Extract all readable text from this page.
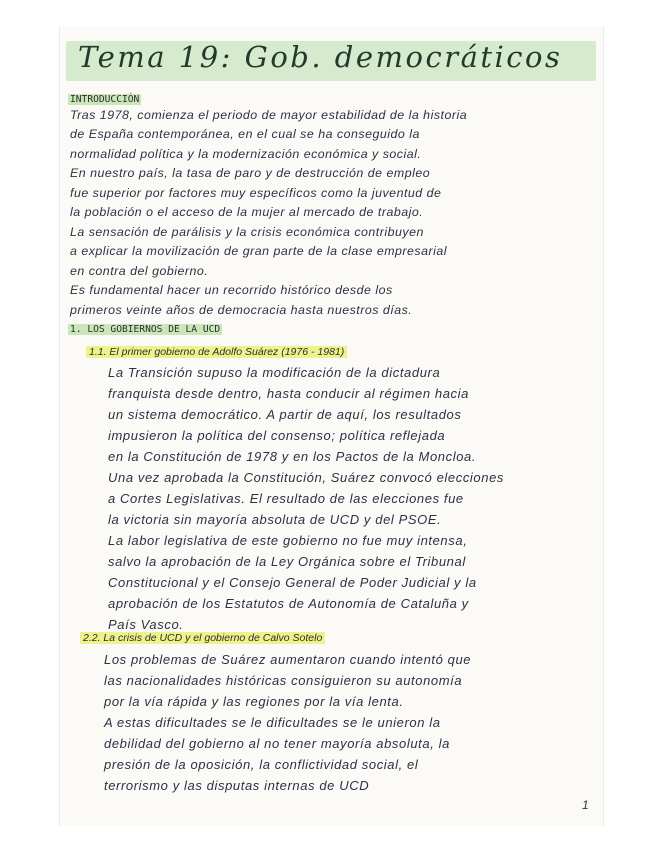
Tema 19: Gob. democráticos
INTRODUCCIÓN
Tras 1978, comienza el periodo de mayor estabilidad de la historia
de España contemporánea, en el cual se ha conseguido la
normalidad política y la modernización económica y social.
En nuestro país, la tasa de paro y de destrucción de empleo
fue superior por factores muy específicos como la juventud de
la población o el acceso de la mujer al mercado de trabajo.
La sensación de parálisis y la crisis económica contribuyen
a explicar la movilización de gran parte de la clase empresarial
en contra del gobierno.
Es fundamental hacer un recorrido histórico desde los
primeros veinte años de democracia hasta nuestros días.
1. LOS GOBIERNOS DE LA UCD
1.1. El primer gobierno de Adolfo Suárez (1976 - 1981)
La Transición supuso la modificación de la dictadura
franquista desde dentro, hasta conducir al régimen hacia
un sistema democrático. A partir de aquí, los resultados
impusieron la política del consenso; política reflejada
en la Constitución de 1978 y en los Pactos de la Moncloa.
Una vez aprobada la Constitución, Suárez convocó elecciones
a Cortes Legislativas. El resultado de las elecciones fue
la victoria sin mayoría absoluta de UCD y del PSOE.
La labor legislativa de este gobierno no fue muy intensa,
salvo la aprobación de la Ley Orgánica sobre el Tribunal
Constitucional y el Consejo General de Poder Judicial y la
aprobación de los Estatutos de Autonomía de Cataluña y
País Vasco.
2.2. La crisis de UCD y el gobierno de Calvo Sotelo
Los problemas de Suárez aumentaron cuando intentó que
las nacionalidades históricas consiguieron su autonomía
por la vía rápida y las regiones por la vía lenta.
A estas dificultades se le dificultades se le unieron la
debilidad del gobierno al no tener mayoría absoluta, la
presión de la oposición, la conflictividad social, el
terrorismo y las disputas internas de UCD
1
